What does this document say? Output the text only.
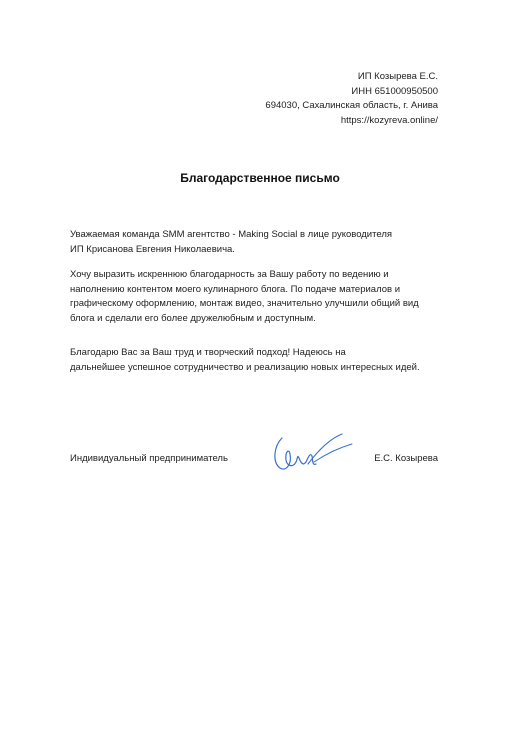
ИП Козырева Е.С.
ИНН 651000950500
694030, Сахалинская область, г. Анива
https://kozyreva.online/
Благодарственное письмо
Уважаемая команда SMM агентство - Making Social в лице руководителя
ИП Крисанова Евгения Николаевича.
Хочу выразить искреннюю благодарность за Вашу работу по ведению и
наполнению контентом моего кулинарного блога. По подаче материалов и
графическому оформлению, монтаж видео, значительно улучшили общий вид
блога и сделали его более дружелюбным и доступным.
Благодарю Вас за Ваш труд и творческий подход! Надеюсь на
дальнейшее успешное сотрудничество и реализацию новых интересных идей.
Индивидуальный предприниматель	Е.С. Козырева
